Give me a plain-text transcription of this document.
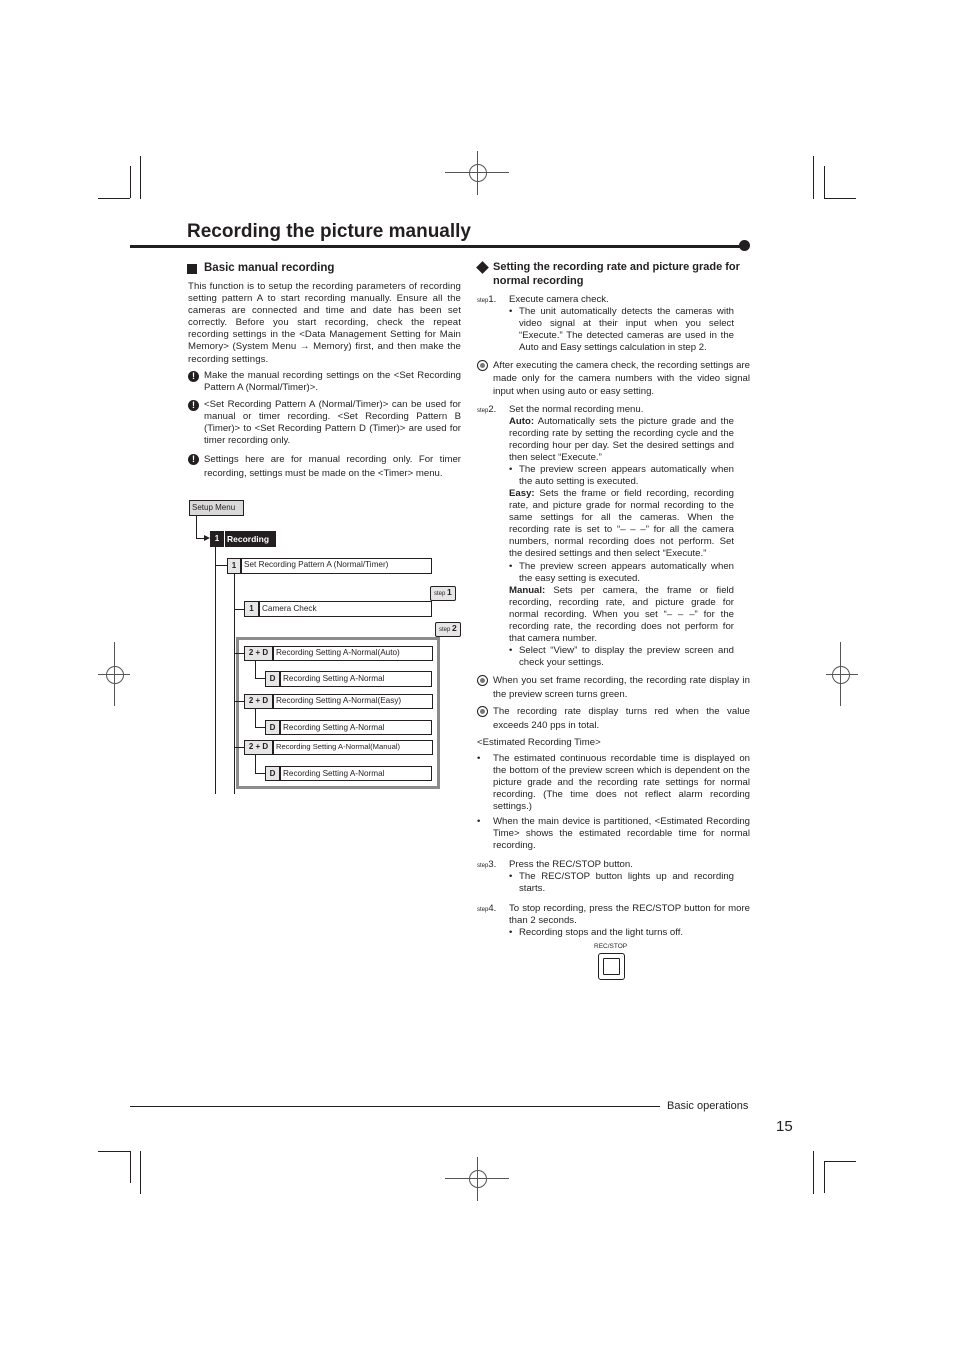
Recording the picture manually
Basic manual recording
This function is to setup the recording parameters of recording setting pattern A to start recording manually. Ensure all the cameras are connected and time and date has been set correctly. Before you start recording, check the repeat recording settings in the <Data Management Setting for Main Memory> (System Menu → Memory) first, and then make the recording settings.
! Make the manual recording settings on the <Set Recording Pattern A (Normal/Timer)>.
! <Set Recording Pattern A (Normal/Timer)> can be used for manual or timer recording. <Set Recording Pattern B (Timer)> to <Set Recording Pattern D (Timer)> are used for timer recording only.
! Settings here are for manual recording only. For timer recording, settings must be made on the <Timer> menu.
Setup Menu
1 Recording
1 Set Recording Pattern A (Normal/Timer)
step 1
1	Camera Check
step 2
2 + D Recording Setting A-Normal(Auto)
D Recording Setting A-Normal
2 + D Recording Setting A-Normal(Easy)
D Recording Setting A-Normal
2 + D	Recording Setting A-Normal(Manual)
D Recording Setting A-Normal
Setting the recording rate and picture grade for normal recording
step1. Execute camera check.
• The unit automatically detects the cameras with video signal at their input when you select “Execute.” The detected cameras are used in the Auto and Easy settings calculation in step 2.
After executing the camera check, the recording settings are made only for the camera numbers with the video signal input when using auto or easy setting.
step2. Set the normal recording menu.
Auto: Automatically sets the picture grade and the recording rate by setting the recording cycle and the recording hour per day. Set the desired settings and then select “Execute.”
• The preview screen appears automatically when the auto setting is executed.
Easy: Sets the frame or field recording, recording rate, and picture grade for normal recording to the same settings for all the cameras. When the recording rate is set to “– – –” for all the camera numbers, normal recording does not perform. Set the desired settings and then select “Execute.”
• The preview screen appears automatically when the easy setting is executed.
Manual: Sets per camera, the frame or field recording, recording rate, and picture grade for normal recording. When you set “– – –” for the recording rate, the recording does not perform for that camera number.
• Select “View” to display the preview screen and check your settings.
When you set frame recording, the recording rate display in the preview screen turns green.
The recording rate display turns red when the value exceeds 240 pps in total.
<Estimated Recording Time>
• The estimated continuous recordable time is displayed on the bottom of the preview screen which is dependent on the picture grade and the recording rate settings for normal recording. (The time does not reflect alarm recording settings.)
• When the main device is partitioned, <Estimated Recording Time> shows the estimated recordable time for normal recording.
step3. Press the REC/STOP button.
• The REC/STOP button lights up and recording starts.
step4. To stop recording, press the REC/STOP button for more than 2 seconds.
• Recording stops and the light turns off.
REC/STOP
Basic operations
15
